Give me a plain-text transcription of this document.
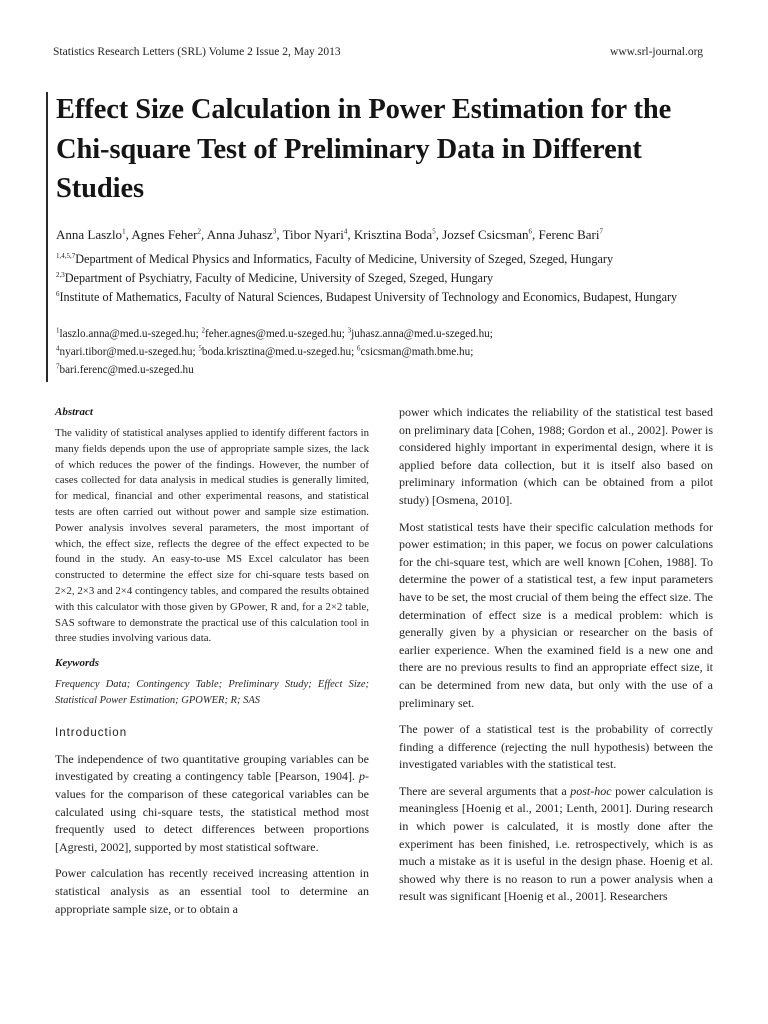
Statistics Research Letters (SRL) Volume 2 Issue 2, May 2013	www.srl-journal.org
Effect Size Calculation in Power Estimation for the Chi-square Test of Preliminary Data in Different Studies
Anna Laszlo$^1$, Agnes Feher$^2$, Anna Juhasz$^3$, Tibor Nyari$^4$, Krisztina Boda$^5$, Jozsef Csicsman$^6$, Ferenc Bari$^7$
$^{1,4,5,7}$Department of Medical Physics and Informatics, Faculty of Medicine, University of Szeged, Szeged, Hungary
$^{2,3}$Department of Psychiatry, Faculty of Medicine, University of Szeged, Szeged, Hungary
$^6$Institute of Mathematics, Faculty of Natural Sciences, Budapest University of Technology and Economics, Budapest, Hungary
$^1$laszlo.anna@med.u-szeged.hu; $^2$feher.agnes@med.u-szeged.hu; $^3$juhasz.anna@med.u-szeged.hu;
$^4$nyari.tibor@med.u-szeged.hu; $^5$boda.krisztina@med.u-szeged.hu; $^6$csicsman@math.bme.hu;
$^7$bari.ferenc@med.u-szeged.hu
Abstract

The validity of statistical analyses applied to identify different factors in many fields depends upon the use of appropriate sample sizes, the lack of which reduces the power of the findings. However, the number of cases collected for data analysis in medical studies is generally limited, for medical, financial and other experimental reasons, and statistical tests are often carried out without power and sample size estimation. Power analysis involves several parameters, the most important of which, the effect size, reflects the degree of the effect expected to be found in the study. An easy-to-use MS Excel calculator has been constructed to determine the effect size for chi-square tests based on 2×2, 2×3 and 2×4 contingency tables, and compared the results obtained with this calculator with those given by GPower, R and, for a 2×2 table, SAS software to demonstrate the practical use of this calculation tool in three studies involving various data.

Keywords

Frequency Data; Contingency Table; Preliminary Study; Effect Size; Statistical Power Estimation; GPOWER; R; SAS

Introduction

The independence of two quantitative grouping variables can be investigated by creating a contingency table [Pearson, 1904]. p-values for the comparison of these categorical variables can be calculated using chi-square tests, the statistical method most frequently used to detect differences between proportions [Agresti, 2002], supported by most statistical software.

Power calculation has recently received increasing attention in statistical analysis as an essential tool to determine an appropriate sample size, or to obtain a

power which indicates the reliability of the statistical test based on preliminary data [Cohen, 1988; Gordon et al., 2002]. Power is considered highly important in experimental design, where it is applied before data collection, but it is itself also based on preliminary information (which can be obtained from a pilot study) [Osmena, 2010].

Most statistical tests have their specific calculation methods for power estimation; in this paper, we focus on power calculations for the chi-square test, which are well known [Cohen, 1988]. To determine the power of a statistical test, a few input parameters have to be set, the most crucial of them being the effect size. The determination of effect size is a medical problem: which is generally given by a physician or researcher on the basis of earlier experience. When the examined field is a new one and there are no previous results to find an appropriate effect size, it can be determined from new data, but only with the use of a preliminary set.

The power of a statistical test is the probability of correctly finding a difference (rejecting the null hypothesis) between the investigated variables with the statistical test.

There are several arguments that a post-hoc power calculation is meaningless [Hoenig et al., 2001; Lenth, 2001]. During research in which power is calculated, it is mostly done after the experiment has been finished, i.e. retrospectively, which is as much a mistake as it is useful in the design phase. Hoenig et al. showed why there is no reason to run a power analysis when a result was significant [Hoenig et al., 2001]. Researchers
